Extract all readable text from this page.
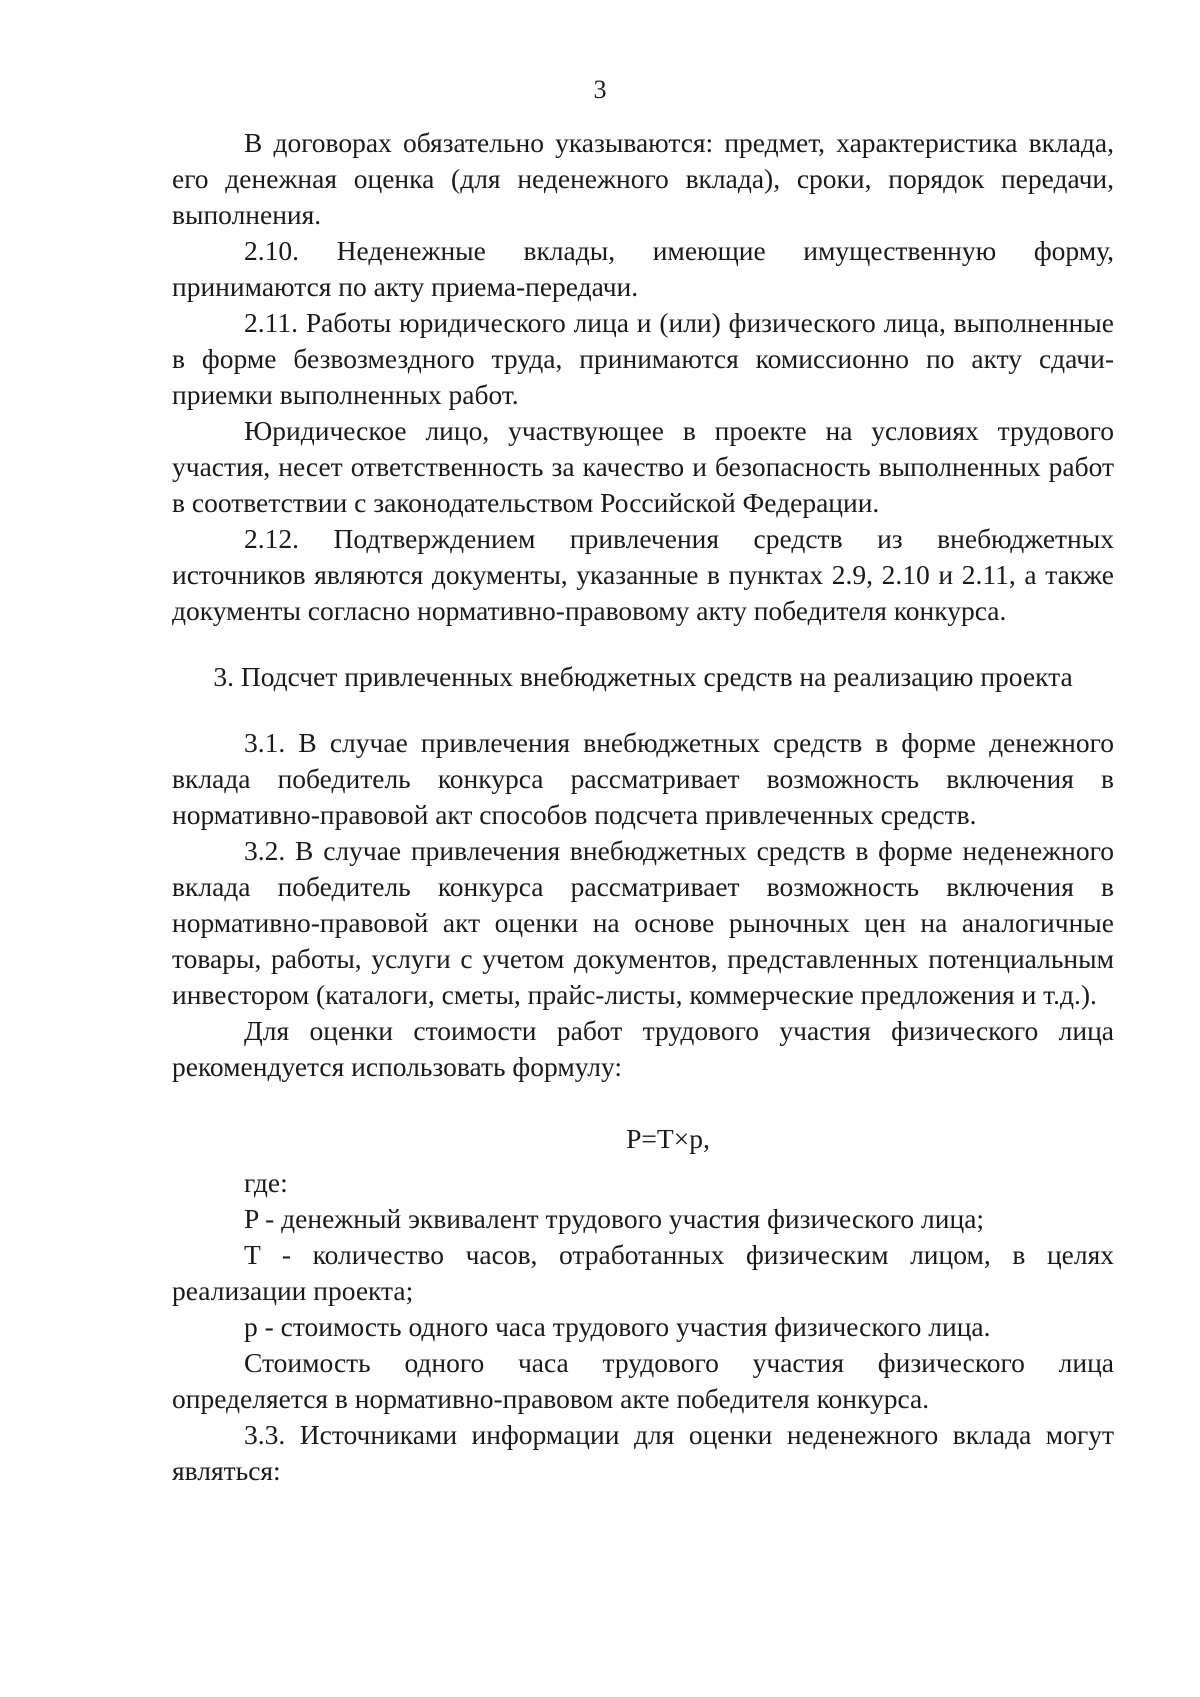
3

В договорах обязательно указываются: предмет, характеристика вклада, его денежная оценка (для неденежного вклада), сроки, порядок передачи, выполнения.

2.10. Неденежные вклады, имеющие имущественную форму, принимаются по акту приема-передачи.

2.11. Работы юридического лица и (или) физического лица, выполненные в форме безвозмездного труда, принимаются комиссионно по акту сдачи-приемки выполненных работ.

Юридическое лицо, участвующее в проекте на условиях трудового участия, несет ответственность за качество и безопасность выполненных работ в соответствии с законодательством Российской Федерации.

2.12. Подтверждением привлечения средств из внебюджетных источников являются документы, указанные в пунктах 2.9, 2.10 и 2.11, а также документы согласно нормативно-правовому акту победителя конкурса.

3. Подсчет привлеченных внебюджетных средств на реализацию проекта

3.1. В случае привлечения внебюджетных средств в форме денежного вклада победитель конкурса рассматривает возможность включения в нормативно-правовой акт способов подсчета привлеченных средств.

3.2. В случае привлечения внебюджетных средств в форме неденежного вклада победитель конкурса рассматривает возможность включения в нормативно-правовой акт оценки на основе рыночных цен на аналогичные товары, работы, услуги с учетом документов, представленных потенциальным инвестором (каталоги, сметы, прайс-листы, коммерческие предложения и т.д.).

Для оценки стоимости работ трудового участия физического лица рекомендуется использовать формулу:

P=T×p,

где:

P - денежный эквивалент трудового участия физического лица;

T - количество часов, отработанных физическим лицом, в целях реализации проекта;

p - стоимость одного часа трудового участия физического лица.

Стоимость одного часа трудового участия физического лица определяется в нормативно-правовом акте победителя конкурса.

3.3. Источниками информации для оценки неденежного вклада могут являться:
